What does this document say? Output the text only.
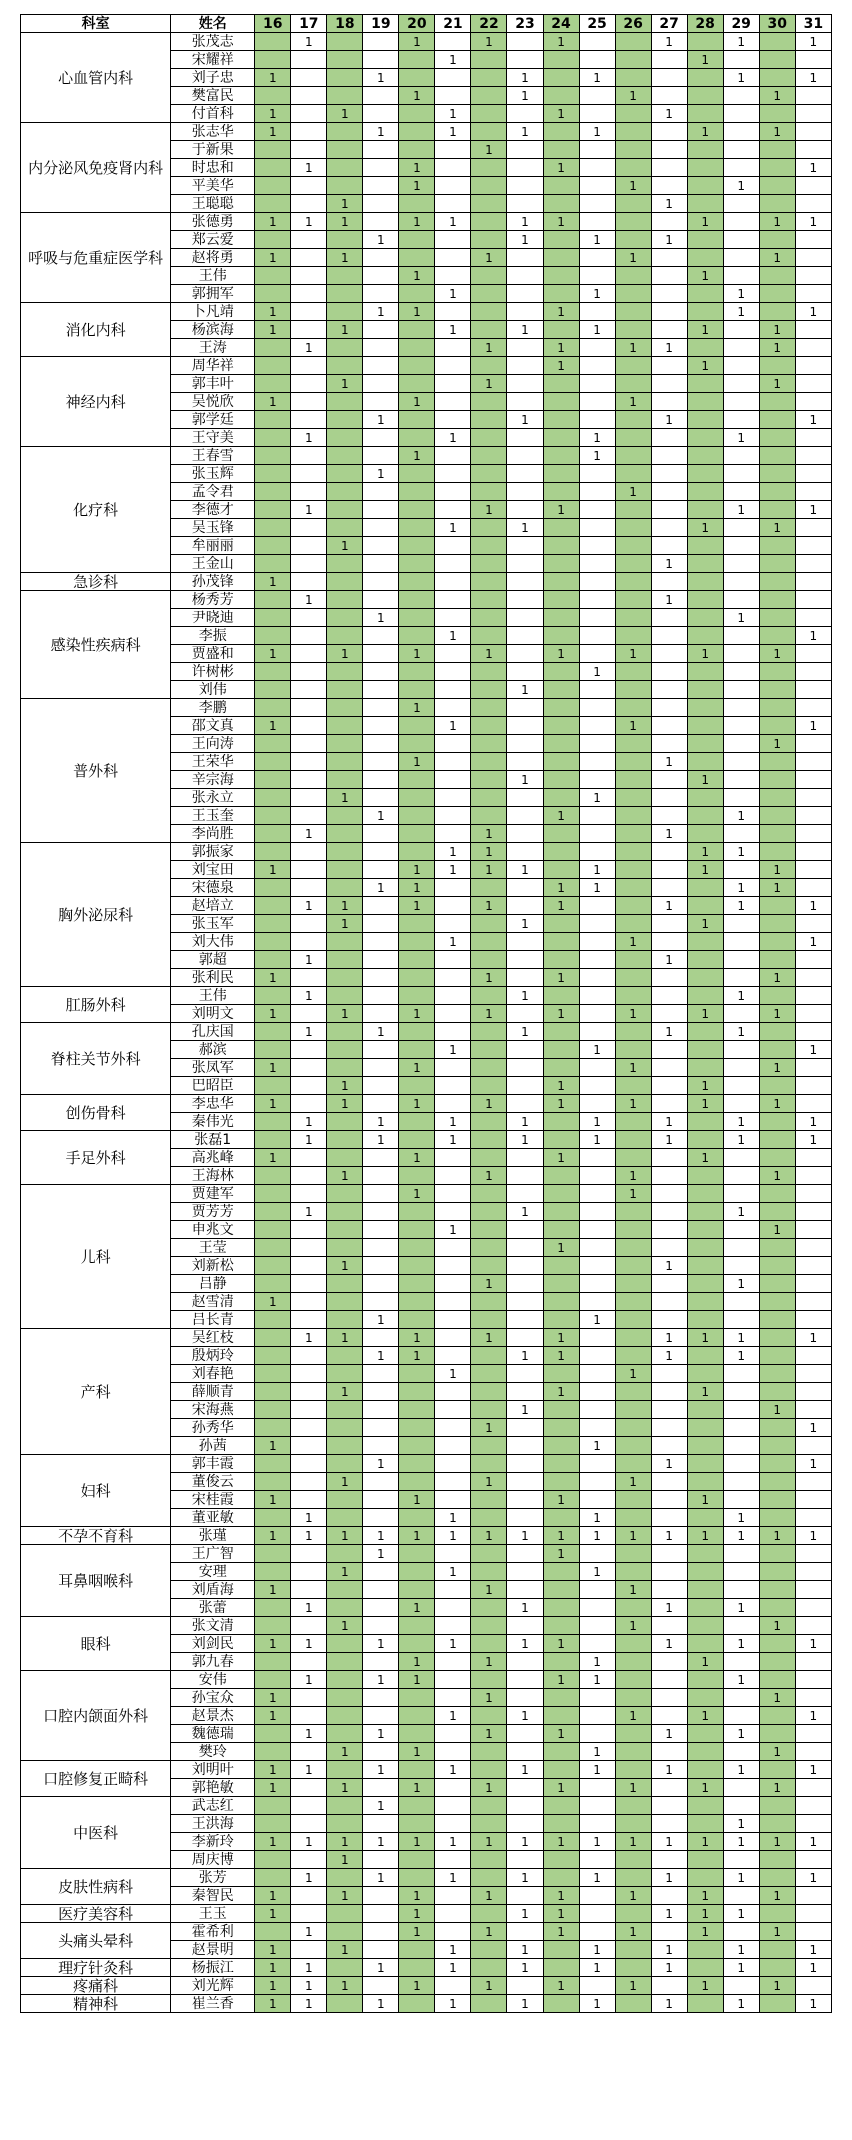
科室	姓名	16	17	18	19	20	21	22	23	24	25	26	27	28	29	30	31
心血管内科	张茂志		1			1		1		1			1		1		1
	宋耀祥						1							1			
	刘子忠	1			1				1		1				1		1
	樊富民					1			1			1				1	
	付首科	1		1			1			1			1				
内分泌风免疫肾内科	张志华	1			1		1		1		1			1		1	
	于新果							1									
	时忠和		1			1				1							1
	平美华					1						1			1		
	王聪聪			1									1				
呼吸与危重症医学科	张德勇	1	1	1		1	1		1	1				1		1	1
	郑云爱				1				1		1		1				
	赵将勇	1		1				1				1				1	
	王伟					1								1			
	郭拥军						1				1				1		
消化内科	卜凡靖	1			1	1				1					1		1
	杨滨海	1		1			1		1		1			1		1	
	王涛		1					1		1		1	1			1	
神经内科	周华祥									1				1			
	郭丰叶			1				1								1	
	吴悦欣	1				1						1					
	郭学廷				1				1				1				1
	王守美		1				1				1				1		
化疗科	王春雪					1					1						
	张玉辉				1												
	孟令君											1					
	李德才		1					1		1					1		1
	吴玉锋						1		1					1		1	
	牟丽丽			1													
	王金山												1				
急诊科	孙茂锋	1															
感染性疾病科	杨秀芳		1										1				
	尹晓迪				1										1		
	李振						1										1
	贾盛和	1		1		1		1		1		1		1		1	
	许树彬										1						
	刘伟								1								
普外科	李鹏					1											
	邵文真	1					1					1					1
	王向涛															1	
	王荣华					1							1				
	辛宗海								1					1			
	张永立			1							1						
	王玉奎				1					1					1		
	李尚胜		1					1					1				
胸外泌尿科	郭振家						1	1						1	1		
	刘宝田	1				1	1	1	1		1			1		1	
	宋德泉				1	1				1	1				1	1	
	赵培立		1	1		1		1		1			1		1		1
	张玉军			1					1					1			
	刘大伟						1					1					1
	郭超		1										1				
	张利民	1						1		1						1	
肛肠外科	王伟		1						1						1		
	刘明文	1		1		1		1		1		1		1		1	
脊柱关节外科	孔庆国		1		1				1				1		1		
	郝滨						1				1						1
	张凤军	1				1						1				1	
	巴昭臣			1						1				1			
创伤骨科	李忠华	1		1		1		1		1		1		1		1	
	秦伟光		1		1		1		1		1		1		1		1
手足外科	张磊1		1		1		1		1		1		1		1		1
	高兆峰	1				1				1				1			
	王海林			1				1				1				1	
儿科	贾建军					1						1					
	贾芳芳		1						1						1		
	申兆文						1									1	
	王莹									1							
	刘新松			1									1				
	吕静							1							1		
	赵雪清	1															
	吕长青				1						1						
产科	吴红枝		1	1		1		1		1			1	1	1		1
	殷炳玲				1	1			1	1			1		1		
	刘春艳						1					1					
	薛顺青			1						1				1			
	宋海燕								1							1	
	孙秀华							1									1
	孙茜	1									1						
妇科	郭丰霞				1								1				1
	董俊云			1				1				1					
	宋桂霞	1				1				1				1			
	董亚敏		1				1				1				1		
不孕不育科	张瑾	1	1	1	1	1	1	1	1	1	1	1	1	1	1	1	1
耳鼻咽喉科	王广智				1					1							
	安理			1			1				1						
	刘盾海	1						1				1					
	张蕾		1			1			1				1		1		
眼科	张文清			1								1				1	
	刘剑民	1	1		1		1		1	1			1		1		1
	郭九春					1		1			1			1			
口腔内颌面外科	安伟		1		1	1				1	1				1		
	孙宝众	1						1								1	
	赵景杰	1					1		1			1		1			1
	魏德瑞		1		1			1		1			1		1		
	樊玲			1		1					1					1	
口腔修复正畸科	刘明叶	1	1		1		1		1		1		1		1		1
	郭艳敏	1		1		1		1		1		1		1		1	
中医科	武志红				1												
	王洪海														1		
	李新玲	1	1	1	1	1	1	1	1	1	1	1	1	1	1	1	1
	周庆博			1													
皮肤性病科	张芳		1		1		1		1		1		1		1		1
	秦智民	1		1		1		1		1		1		1		1	
医疗美容科	王玉	1				1			1	1			1	1	1		
头痛头晕科	霍希利		1			1		1		1		1		1		1	
	赵景明	1		1			1		1		1		1		1		1
理疗针灸科	杨振江	1	1		1		1		1		1		1		1		1
疼痛科	刘光辉	1	1	1		1		1		1		1		1		1	
精神科	崔兰香	1	1		1		1		1		1		1		1		1
